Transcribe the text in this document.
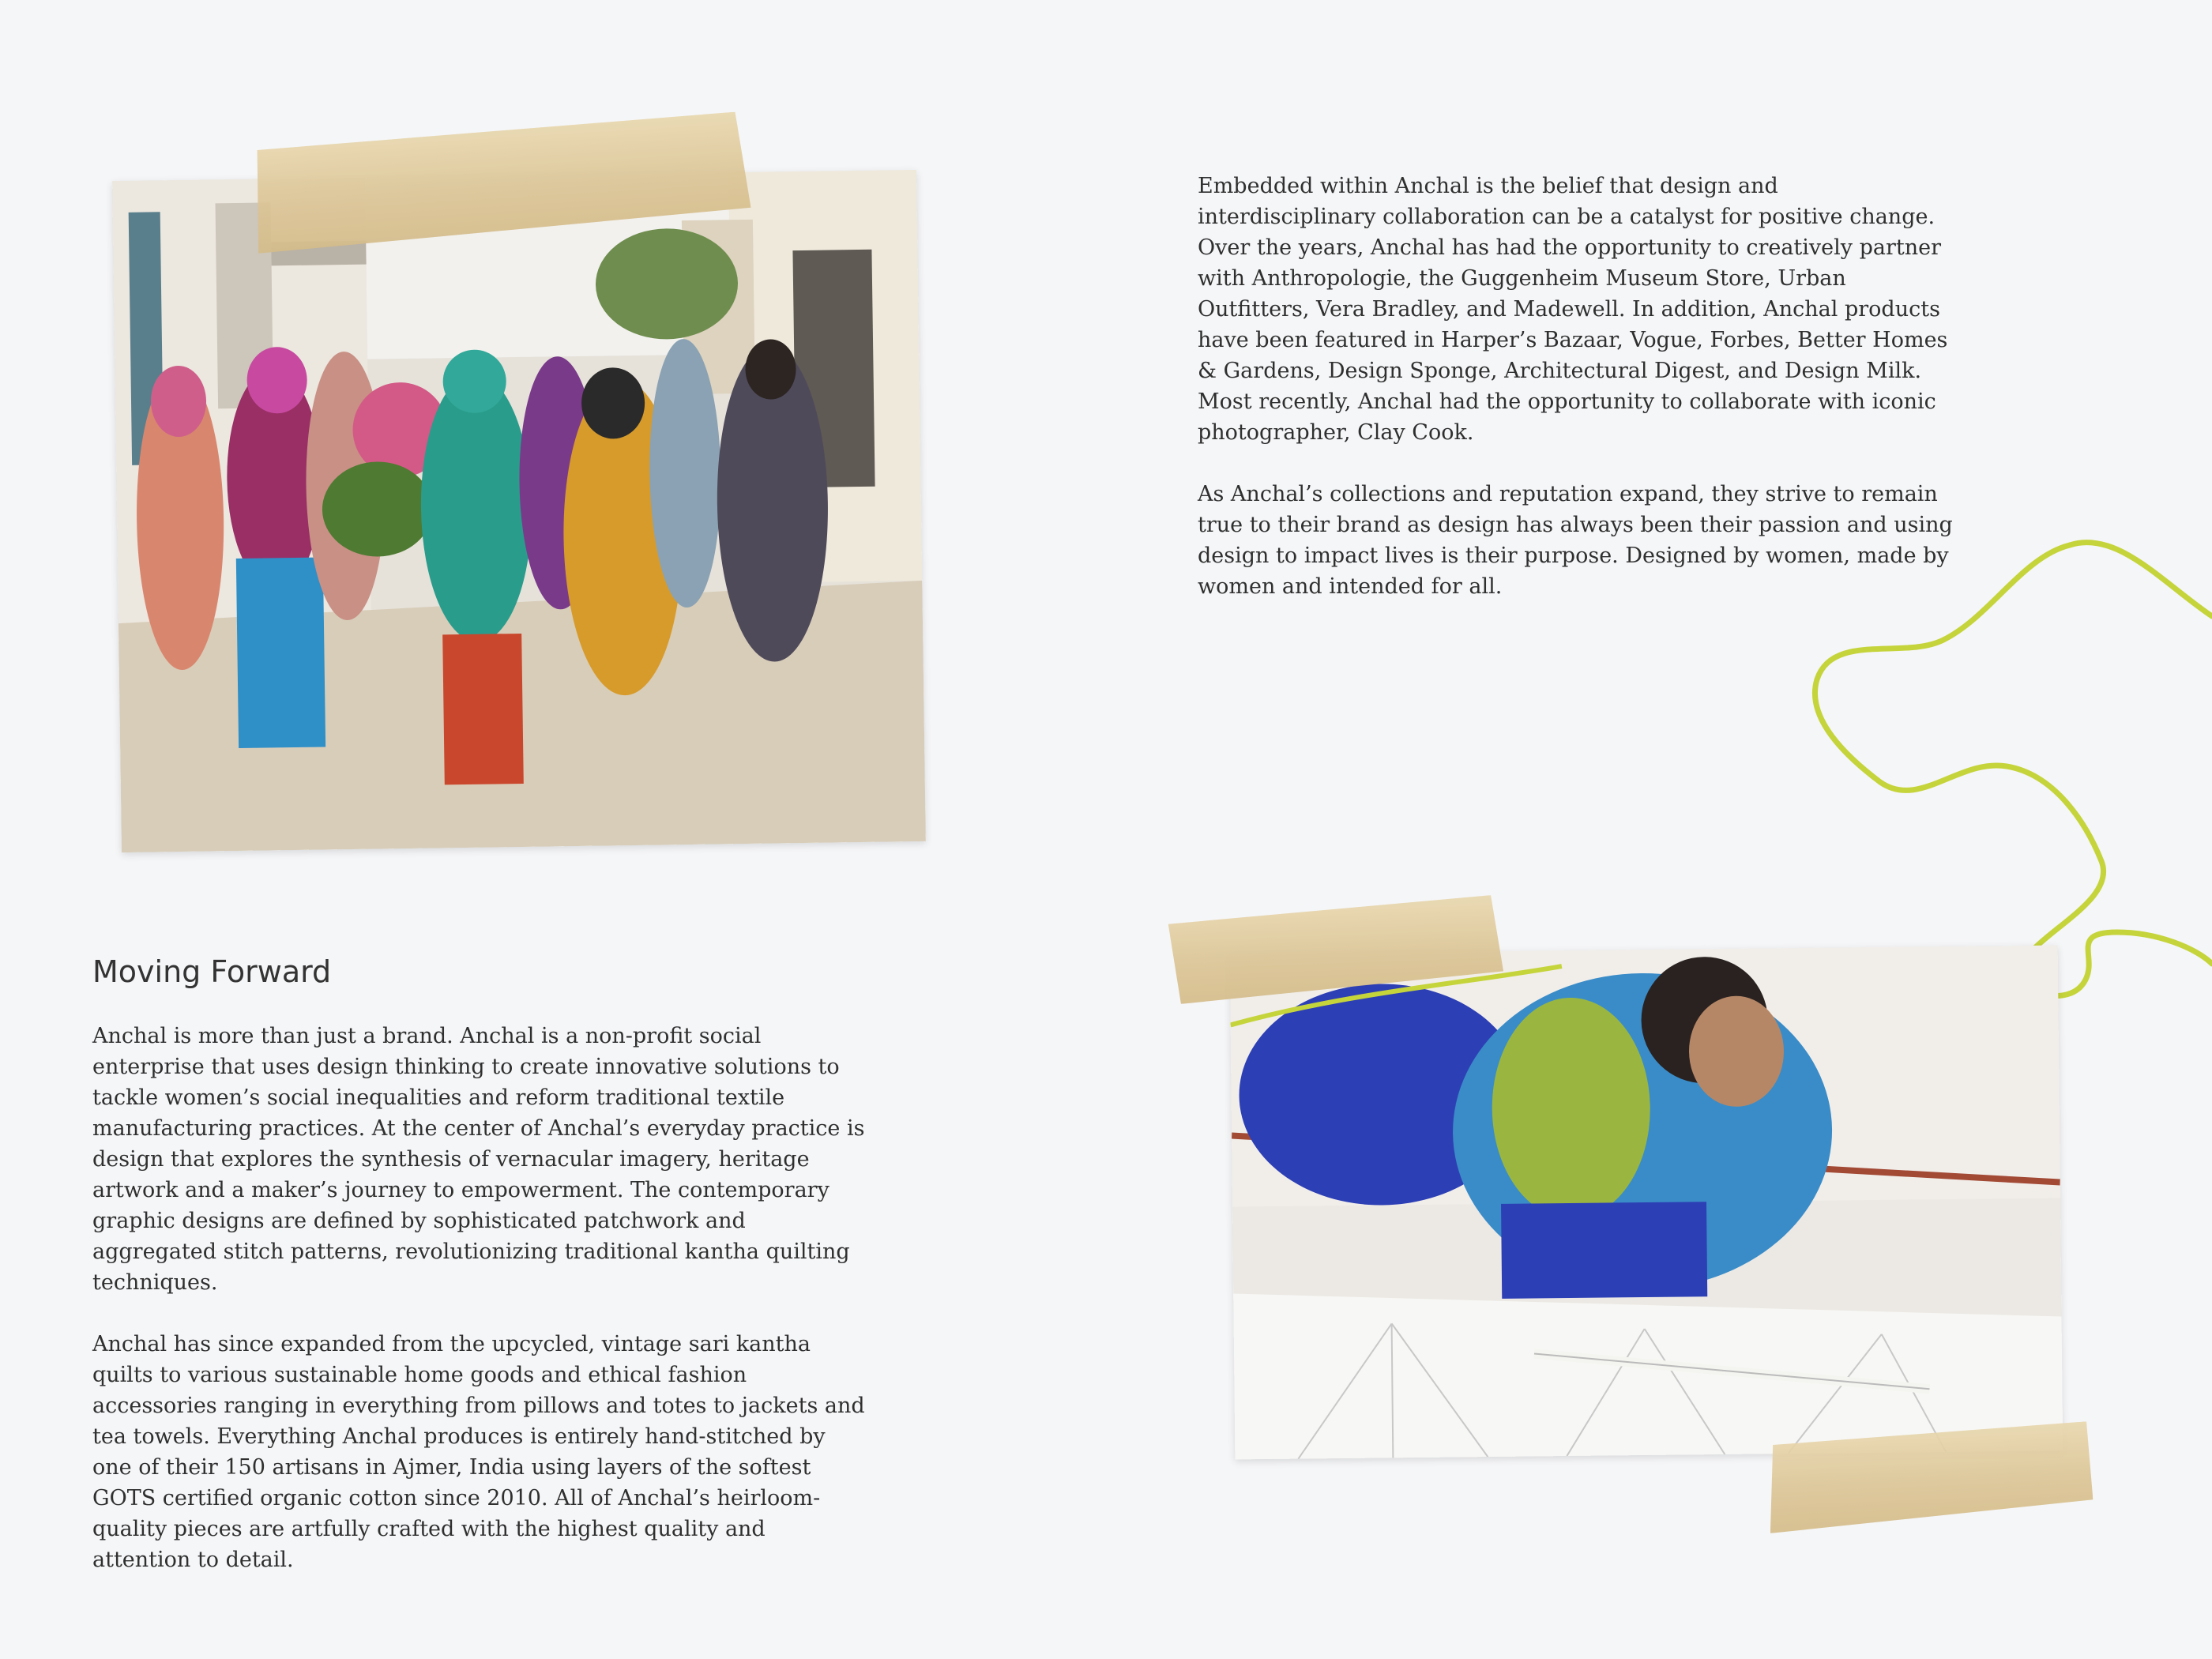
Embedded within Anchal is the belief that design and interdisciplinary collaboration can be a catalyst for positive change. Over the years, Anchal has had the opportunity to creatively partner with Anthropologie, the Guggenheim Museum Store, Urban Outfitters, Vera Bradley, and Madewell. In addition, Anchal products have been featured in Harper’s Bazaar, Vogue, Forbes, Better Homes & Gardens, Design Sponge, Architectural Digest, and Design Milk. Most recently, Anchal had the opportunity to collaborate with iconic photographer, Clay Cook.

As Anchal’s collections and reputation expand, they strive to remain true to their brand as design has always been their passion and using design to impact lives is their purpose. Designed by women, made by women and intended for all.

Moving Forward

Anchal is more than just a brand. Anchal is a non-profit social enterprise that uses design thinking to create innovative solutions to tackle women’s social inequalities and reform traditional textile manufacturing practices. At the center of Anchal’s everyday practice is design that explores the synthesis of vernacular imagery, heritage artwork and a maker’s journey to empowerment. The contemporary graphic designs are defined by sophisticated patchwork and aggregated stitch patterns, revolutionizing traditional kantha quilting techniques.

Anchal has since expanded from the upcycled, vintage sari kantha quilts to various sustainable home goods and ethical fashion accessories ranging in everything from pillows and totes to jackets and tea towels. Everything Anchal produces is entirely hand-stitched by one of their 150 artisans in Ajmer, India using layers of the softest GOTS certified organic cotton since 2010. All of Anchal’s heirloom-quality pieces are artfully crafted with the highest quality and attention to detail.
